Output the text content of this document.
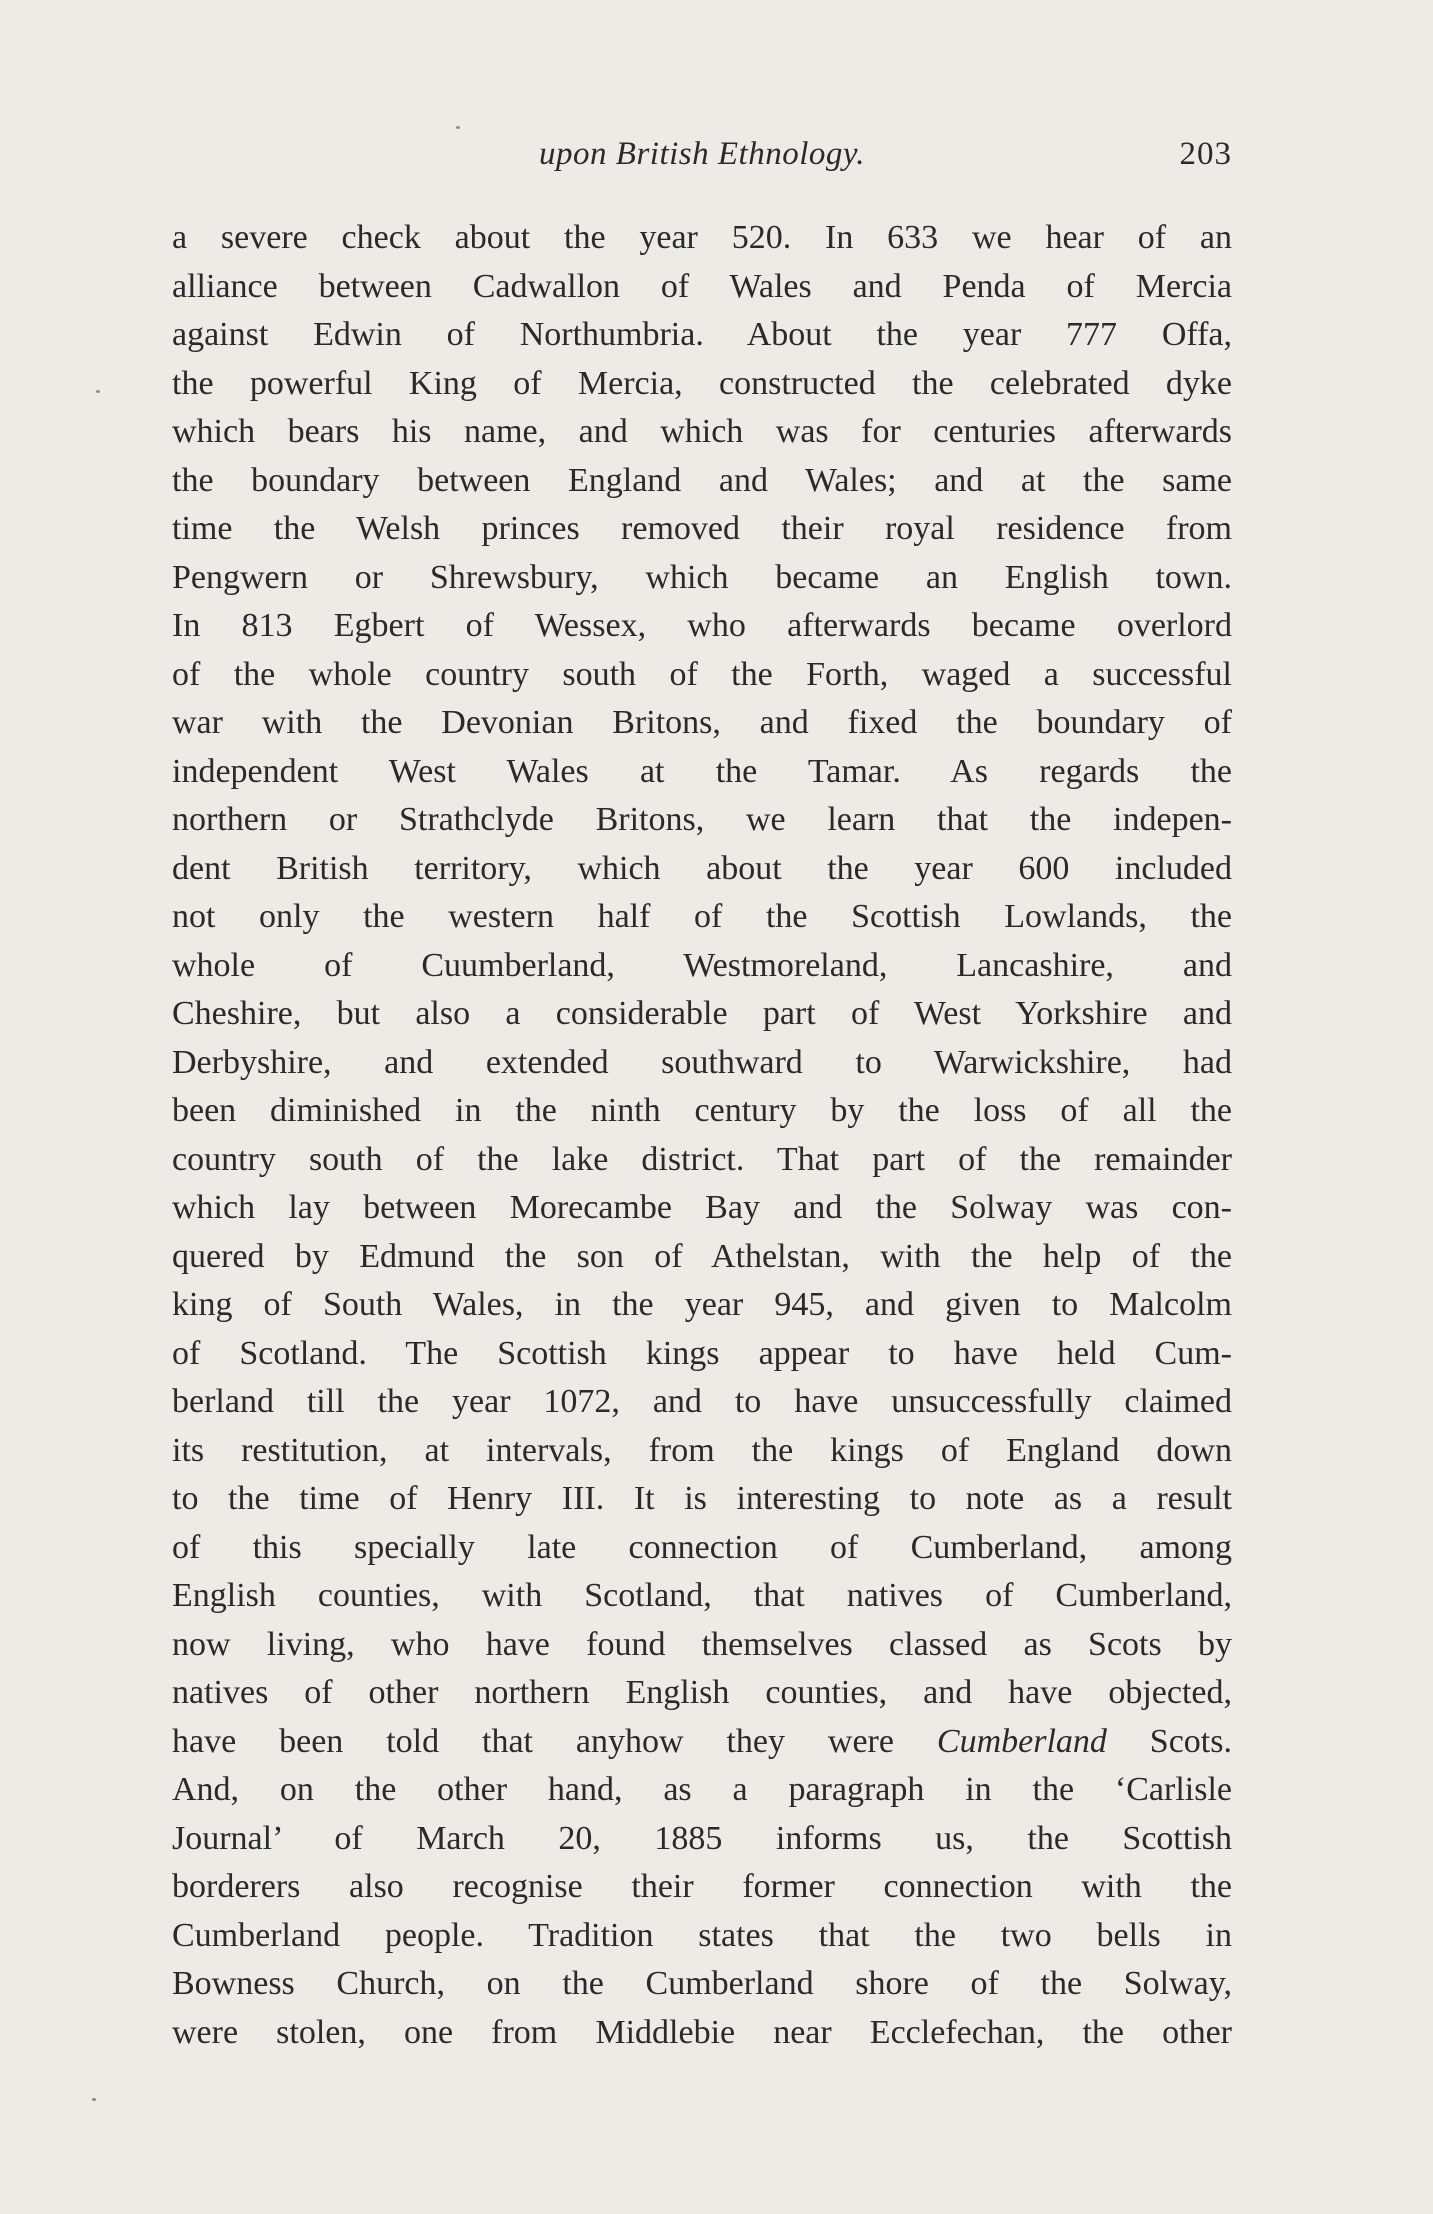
upon British Ethnology.	203
a severe check about the year 520. In 633 we hear of an
alliance between Cadwallon of Wales and Penda of Mercia
against Edwin of Northumbria. About the year 777 Offa,
the powerful King of Mercia, constructed the celebrated dyke
which bears his name, and which was for centuries afterwards
the boundary between England and Wales; and at the same
time the Welsh princes removed their royal residence from
Pengwern or Shrewsbury, which became an English town.
In 813 Egbert of Wessex, who afterwards became overlord
of the whole country south of the Forth, waged a successful
war with the Devonian Britons, and fixed the boundary of
independent West Wales at the Tamar. As regards the
northern or Strathclyde Britons, we learn that the indepen-
dent British territory, which about the year 600 included
not only the western half of the Scottish Lowlands, the
whole of Cuumberland, Westmoreland, Lancashire, and
Cheshire, but also a considerable part of West Yorkshire and
Derbyshire, and extended southward to Warwickshire, had
been diminished in the ninth century by the loss of all the
country south of the lake district. That part of the remainder
which lay between Morecambe Bay and the Solway was con-
quered by Edmund the son of Athelstan, with the help of the
king of South Wales, in the year 945, and given to Malcolm
of Scotland. The Scottish kings appear to have held Cum-
berland till the year 1072, and to have unsuccessfully claimed
its restitution, at intervals, from the kings of England down
to the time of Henry III. It is interesting to note as a result
of this specially late connection of Cumberland, among
English counties, with Scotland, that natives of Cumberland,
now living, who have found themselves classed as Scots by
natives of other northern English counties, and have objected,
have been told that anyhow they were Cumberland Scots.
And, on the other hand, as a paragraph in the ‘Carlisle
Journal’ of March 20, 1885 informs us, the Scottish
borderers also recognise their former connection with the
Cumberland people. Tradition states that the two bells in
Bowness Church, on the Cumberland shore of the Solway,
were stolen, one from Middlebie near Ecclefechan, the other
